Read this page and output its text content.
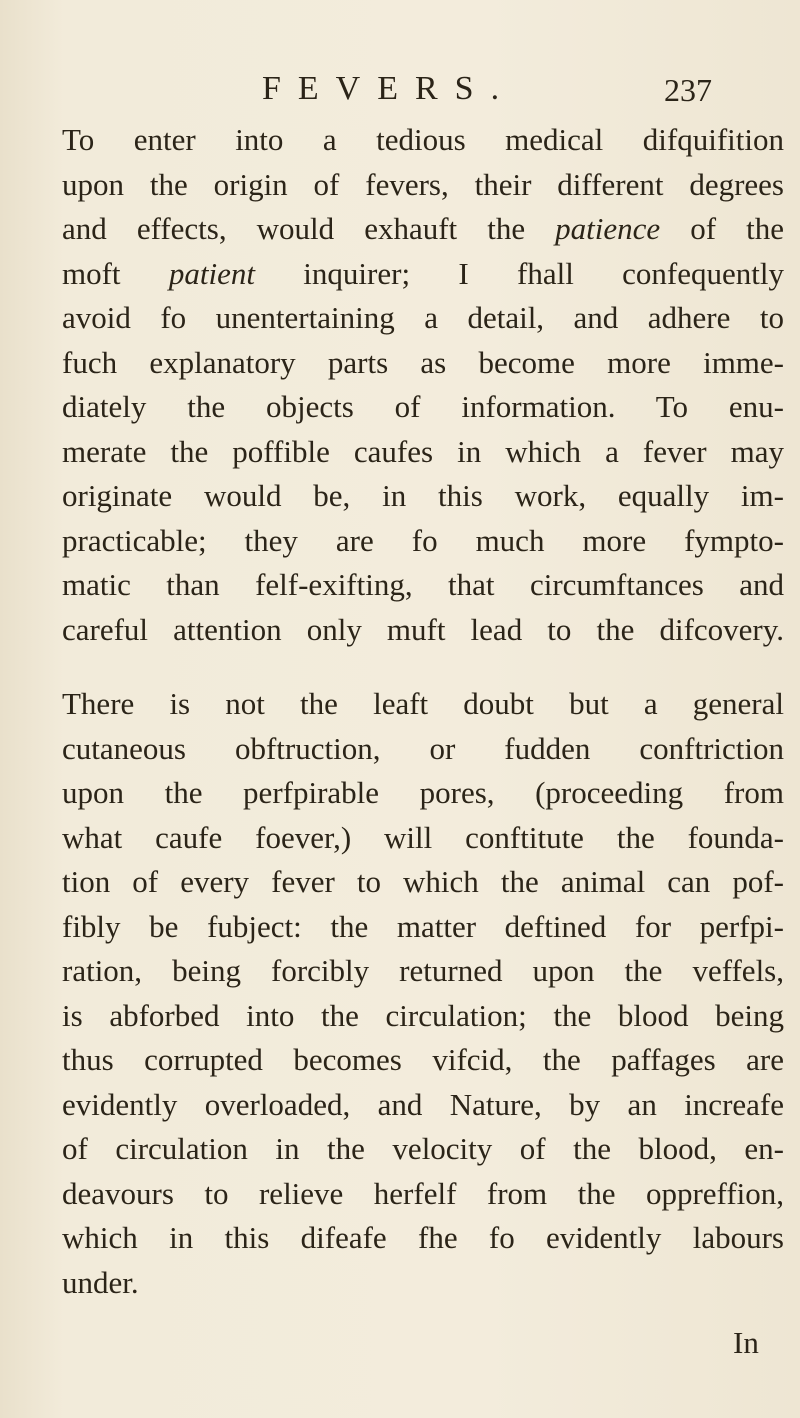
FEVERS.	237
To enter into a tedious medical difquifition
upon the origin of fevers, their different degrees
and effects, would exhauft the patience of the
moft patient inquirer; I fhall confequently
avoid fo unentertaining a detail, and adhere to
fuch explanatory parts as become more imme-
diately the objects of information. To enu-
merate the poffible caufes in which a fever may
originate would be, in this work, equally im-
practicable; they are fo much more fympto-
matic than felf-exifting, that circumftances and
careful attention only muft lead to the difcovery.
There is not the leaft doubt but a general
cutaneous obftruction, or fudden conftriction
upon the perfpirable pores, (proceeding from
what caufe foever,) will conftitute the founda-
tion of every fever to which the animal can pof-
fibly be fubject: the matter deftined for perfpi-
ration, being forcibly returned upon the veffels,
is abforbed into the circulation; the blood being
thus corrupted becomes vifcid, the paffages are
evidently overloaded, and Nature, by an increafe
of circulation in the velocity of the blood, en-
deavours to relieve herfelf from the oppreffion,
which in this difeafe fhe fo evidently labours
under.
In
